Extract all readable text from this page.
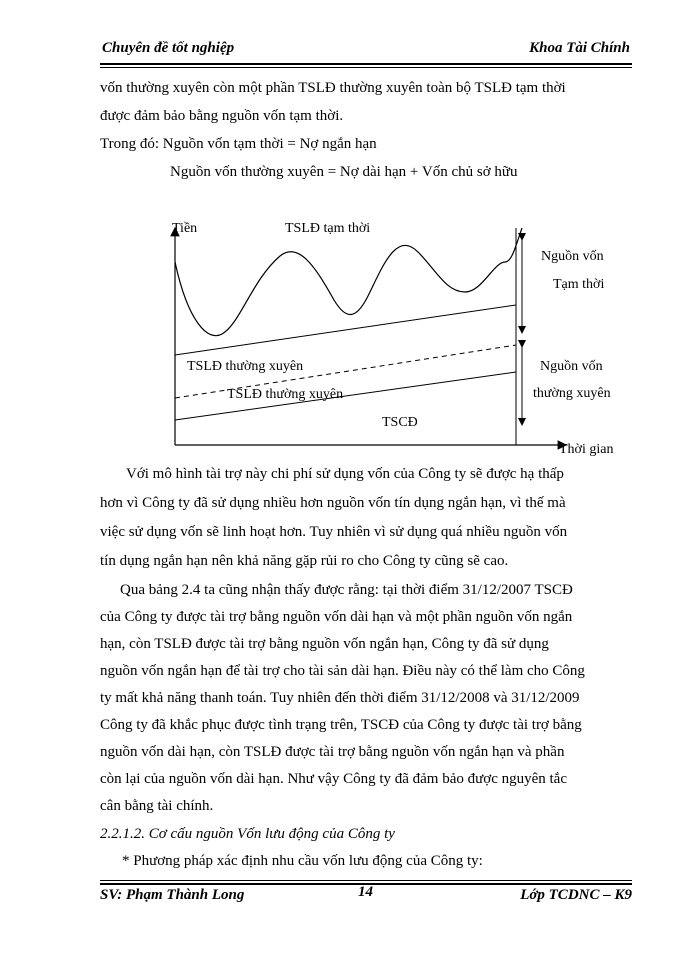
Chuyên đề tốt nghiệp	Khoa Tài Chính
vốn thường xuyên còn một phần TSLĐ thường xuyên toàn bộ TSLĐ tạm thời
được đảm bảo bằng nguồn vốn tạm thời.
Trong đó: Nguồn vốn tạm thời = Nợ ngắn hạn
Nguồn vốn thường xuyên = Nợ dài hạn + Vốn chủ sở hữu
Tiền	TSLĐ tạm thời
Thời gian
TSLĐ thường xuyên
TSLĐ thường xuyên
TSCĐ
Nguồn vốn
Tạm thời
Nguồn vốn
thường xuyên
Với mô hình tài trợ này chi phí sử dụng vốn của Công ty sẽ được hạ thấp
hơn vì Công ty đã sử dụng nhiều hơn nguồn vốn tín dụng ngắn hạn, vì thế mà
việc sử dụng vốn sẽ linh hoạt hơn. Tuy nhiên vì sử dụng quá nhiều nguồn vốn
tín dụng ngắn hạn nên khả năng gặp rủi ro cho Công ty cũng sẽ cao.
Qua bảng 2.4 ta cũng nhận thấy được rằng: tại thời điểm 31/12/2007 TSCĐ
của Công ty được tài trợ bằng nguồn vốn dài hạn và một phần nguồn vốn ngắn
hạn, còn TSLĐ được tài trợ bằng nguồn vốn ngắn hạn, Công ty đã sử dụng
nguồn vốn ngắn hạn để tài trợ cho tài sản dài hạn. Điều này có thể làm cho Công
ty mất khả năng thanh toán. Tuy nhiên đến thời điểm 31/12/2008 và 31/12/2009
Công ty đã khắc phục được tình trạng trên, TSCĐ của Công ty được tài trợ bằng
nguồn vốn dài hạn, còn TSLĐ được tài trợ bằng nguồn vốn ngắn hạn và phần
còn lại của nguồn vốn dài hạn. Như vậy Công ty đã đảm bảo được nguyên tắc
cân bằng tài chính.
2.2.1.2. Cơ cấu nguồn Vốn lưu động của Công ty
* Phương pháp xác định nhu cầu vốn lưu động của Công ty:
SV: Phạm Thành Long	14	Lớp TCDNC – K9
